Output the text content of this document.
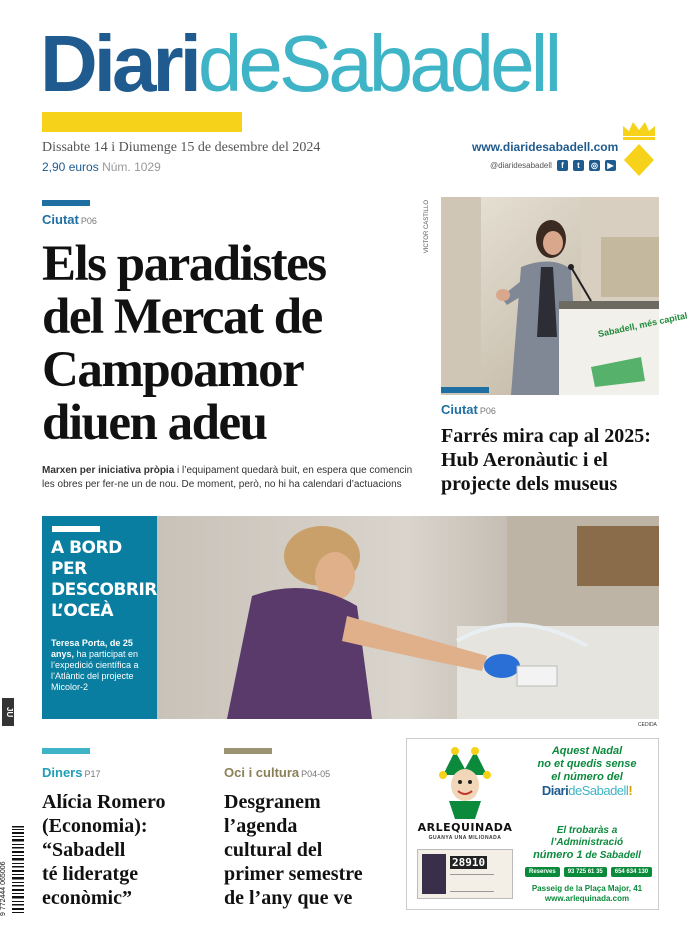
DiarideSabadell
Dissabte 14 i Diumenge 15 de desembre del 2024
2,90 euros Núm. 1029
www.diaridesabadell.com
@diaridesabadell	f	t	◎	▶
Ciutat P06
Els paradistes
del Mercat de
Campoamor
diuen adeu
Marxen per iniciativa pròpia i l’equipament quedarà buit, en espera que comencin les obres per fer-ne un de nou. De moment, però, no hi ha calendari d’actuacions
VÍCTOR CASTILLO
Sabadell, més capital
Ciutat P06
Farrés mira cap al 2025:
Hub Aeronàutic i el
projecte dels museus
A BORD PER
DESCOBRIR
L’OCEÀ
Teresa Porta, de 25 anys, ha participat en l’expedició científica a l’Atlàntic del projecte Micolor-2
CEDIDA
Diners P17
Alícia Romero
(Economia):
“Sabadell
té lideratge
econòmic”
Oci i cultura P04-05
Desgranem
l’agenda
cultural del
primer semestre
de l’any que ve
ARLEQUINADA
GUANYA UNA MILIONADA
28910
Aquest Nadal
no et quedis sense
el número del
DiarideSabadell!
El trobaràs a
l’Administració
número 1 de Sabadell
Reserves	93 725 61 35	654 634 130
Passeig de la Plaça Major, 41
www.arlequinada.com
JU
9 772444 065006
